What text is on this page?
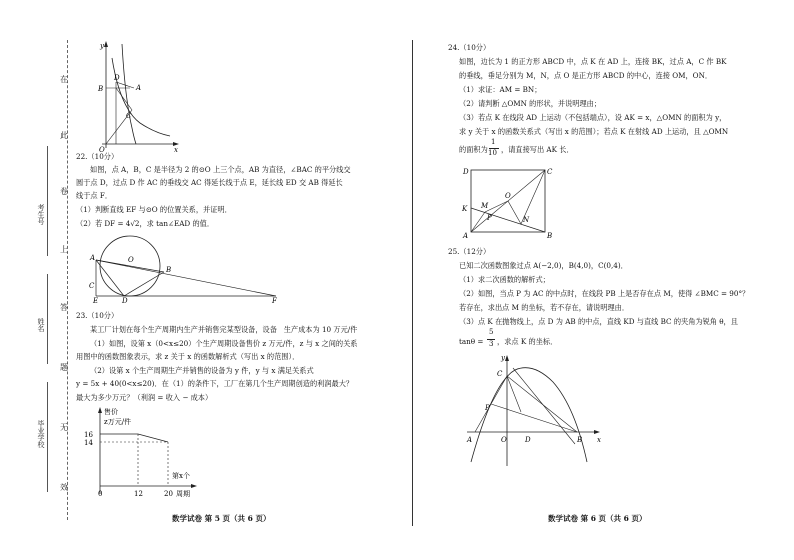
在
此
卷
上
答
题
无
效
考生号
姓名
毕业学校
y
x
O
B
D
A
C
22.（10分）
如图，点 A，B，C 是半径为 2 的⊙O 上三个点，AB 为直径，∠BAC 的平分线交
圆于点 D，过点 D 作 AC 的垂线交 AC 得延长线于点 E，延长线 ED 交 AB 得延长
线于点 F．
（1）判断直线 EF 与⊙O 的位置关系，并证明．
（2）若 DF = 4√2，求 tan∠EAD 的值．
A	O
B
C
E	D	F
23.（10分）
某工厂计划在每个生产周期内生产并销售完某型设备，设备   生产成本为 10 万元/件
（1）如图，设第 x（0<x≤20）个生产周期设备售价 z 万元/件，z 与 x 之间的关系
用图中的函数图象表示，求 z 关于 x 的函数解析式（写出 x 的范围）．
（2）设第 x 个生产周期生产并销售的设备为 y 件，y 与 x 满足关系式
y = 5x + 40(0<x≤20)．在（1）的条件下，工厂在第几个生产周期创造的利润最大？
最大为多少万元？（利润 = 收入 − 成本）
售价
z万元/件
16
14
0	12	20
第x个
周期
数学试卷 第 5 页（共 6 页）
24.（10分）
如图，边长为 1 的正方形 ABCD 中，点 K 在 AD 上，连接 BK，过点 A，C 作 BK
的垂线，垂足分别为 M，N，点 O 是正方形 ABCD 的中心，连接 OM，ON．
（1）求证：AM = BN；
（2）请判断 △OMN 的形状，并说明理由；
（3）若点 K 在线段 AD 上运动（不包括端点），设 AK = x，△OMN 的面积为 y，
求 y 关于 x 的函数关系式（写出 x 的范围）；若点 K 在射线 AD 上运动，且 △OMN
的面积为
1
10 ，请直接写出 AK 长．
D	C
K M
O
P	N
A	B
25.（12分）
已知二次函数图象过点 A(−2,0)，B(4,0)，C(0,4)．
（1）求二次函数的解析式；
（2）如图，当点 P 为 AC 的中点时，在线段 PB 上是否存在点 M，使得 ∠BMC = 90°？
若存在，求出点 M 的坐标，若不存在，请说明理由．
（3）点 K 在抛物线上，点 D 为 AB 的中点，直线 KD 与直线 BC 的夹角为锐角 θ，且
tanθ =
5
3 ，求点 K 的坐标．
y
x
C
P
A	O	D	B
数学试卷 第 6 页（共 6 页）
